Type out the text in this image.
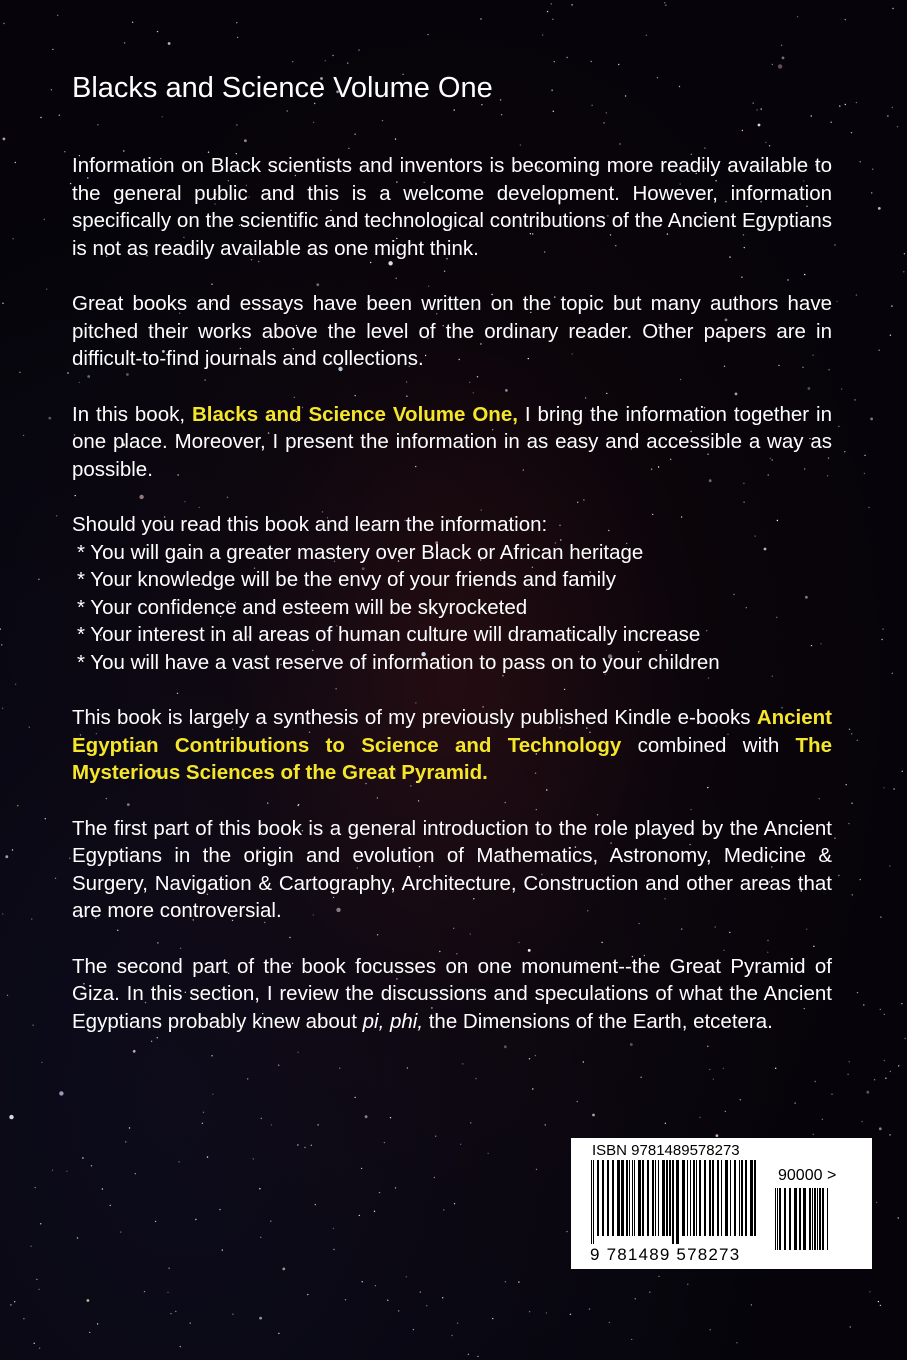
Blacks and Science Volume One

Information on Black scientists and inventors is becoming more readily available to the general public and this is a welcome development. However, information specifically on the scientific and technological contributions of the Ancient Egyptians is not as readily available as one might think.

Great books and essays have been written on the topic but many authors have pitched their works above the level of the ordinary reader. Other papers are in difficult-to-find journals and collections.

In this book, Blacks and Science Volume One, I bring the information together in one place. Moreover, I present the information in as easy and accessible a way as possible.

Should you read this book and learn the information:

* You will gain a greater mastery over Black or African heritage
* Your knowledge will be the envy of your friends and family
* Your confidence and esteem will be skyrocketed
* Your interest in all areas of human culture will dramatically increase
* You will have a vast reserve of information to pass on to your children

This book is largely a synthesis of my previously published Kindle e-books Ancient Egyptian Contributions to Science and Technology combined with The Mysterious Sciences of the Great Pyramid.

The first part of this book is a general introduction to the role played by the Ancient Egyptians in the origin and evolution of Mathematics, Astronomy, Medicine & Surgery, Navigation & Cartography, Architecture, Construction and other areas that are more controversial.

The second part of the book focusses on one monument--the Great Pyramid of Giza. In this section, I review the discussions and speculations of what the Ancient Egyptians probably knew about pi, phi, the Dimensions of the Earth, etcetera.

ISBN 9781489578273
90000 >
9 781489 578273
